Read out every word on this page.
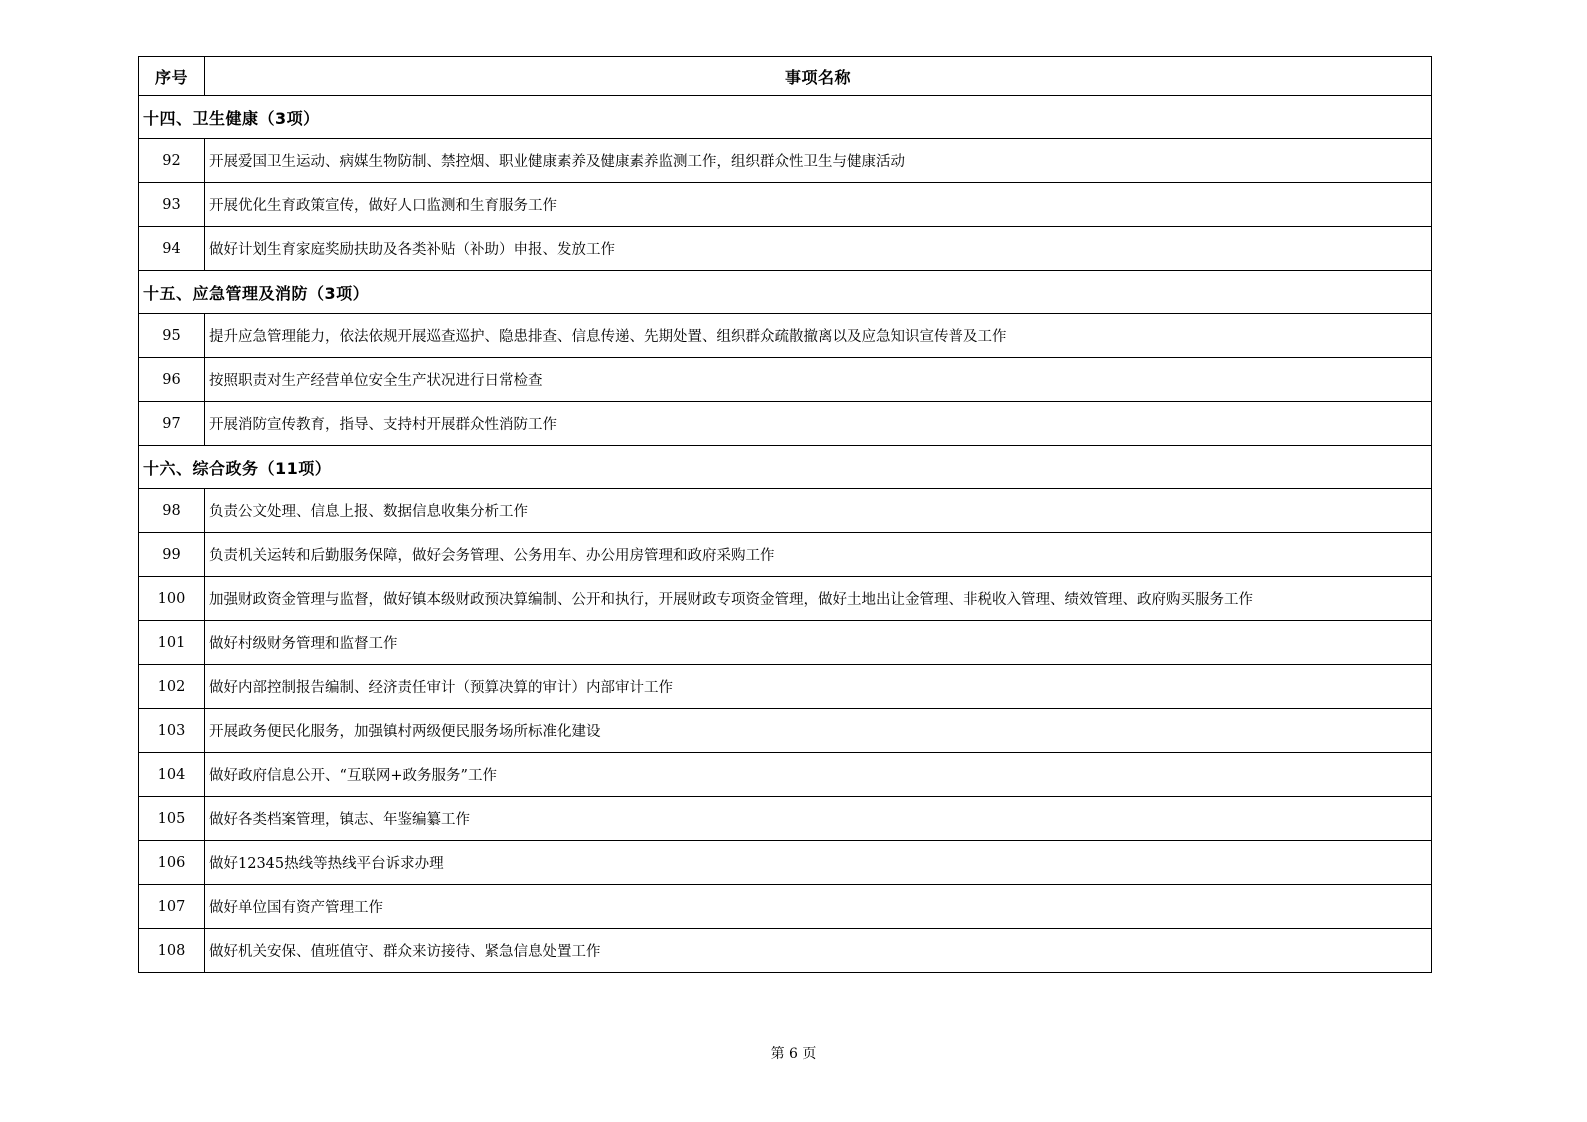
序号	事项名称
十四、卫生健康（3项）	
92	开展爱国卫生运动、病媒生物防制、禁控烟、职业健康素养及健康素养监测工作，组织群众性卫生与健康活动
93	开展优化生育政策宣传，做好人口监测和生育服务工作
94	做好计划生育家庭奖励扶助及各类补贴（补助）申报、发放工作
十五、应急管理及消防（3项）	
95	提升应急管理能力，依法依规开展巡查巡护、隐患排查、信息传递、先期处置、组织群众疏散撤离以及应急知识宣传普及工作
96	按照职责对生产经营单位安全生产状况进行日常检查
97	开展消防宣传教育，指导、支持村开展群众性消防工作
十六、综合政务（11项）	
98	负责公文处理、信息上报、数据信息收集分析工作
99	负责机关运转和后勤服务保障，做好会务管理、公务用车、办公用房管理和政府采购工作
100	加强财政资金管理与监督，做好镇本级财政预决算编制、公开和执行，开展财政专项资金管理，做好土地出让金管理、非税收入管理、绩效管理、政府购买服务工作
101	做好村级财务管理和监督工作
102	做好内部控制报告编制、经济责任审计（预算决算的审计）内部审计工作
103	开展政务便民化服务，加强镇村两级便民服务场所标准化建设
104	做好政府信息公开、“互联网+政务服务”工作
105	做好各类档案管理，镇志、年鉴编纂工作
106	做好12345热线等热线平台诉求办理
107	做好单位国有资产管理工作
108	做好机关安保、值班值守、群众来访接待、紧急信息处置工作
第 6 页
